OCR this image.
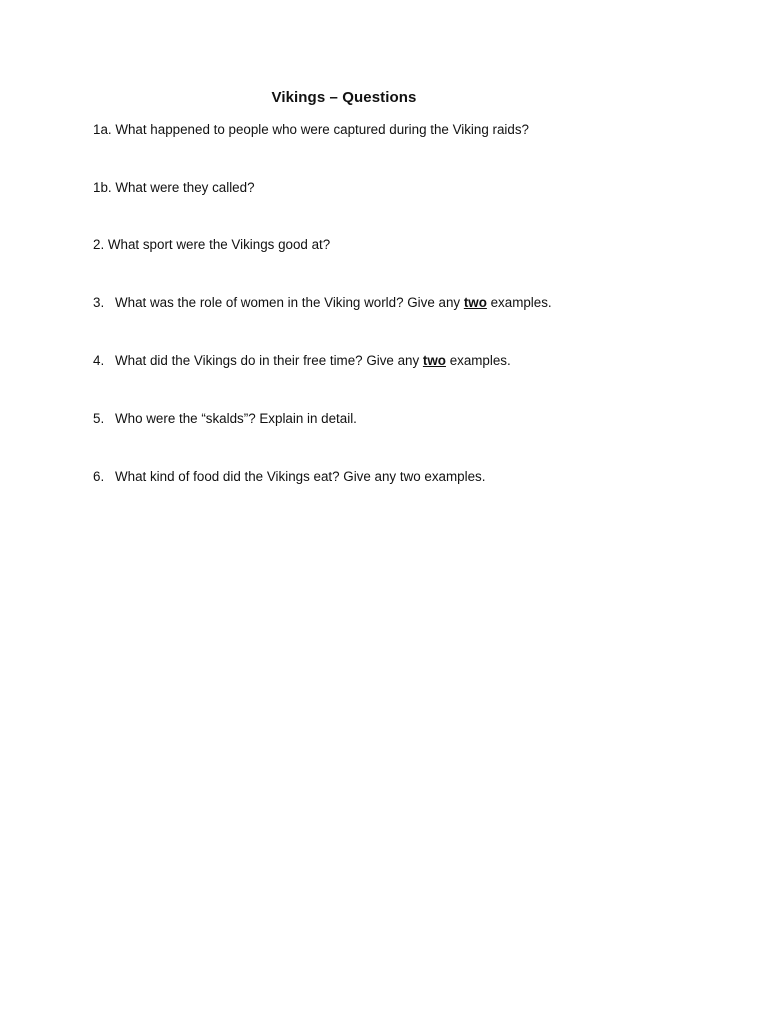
Vikings – Questions
1a. What happened to people who were captured during the Viking raids?
1b. What were they called?
2. What sport were the Vikings good at?
3. What was the role of women in the Viking world? Give any two examples.
4. What did the Vikings do in their free time? Give any two examples.
5. Who were the “skalds”? Explain in detail.
6. What kind of food did the Vikings eat? Give any two examples.
